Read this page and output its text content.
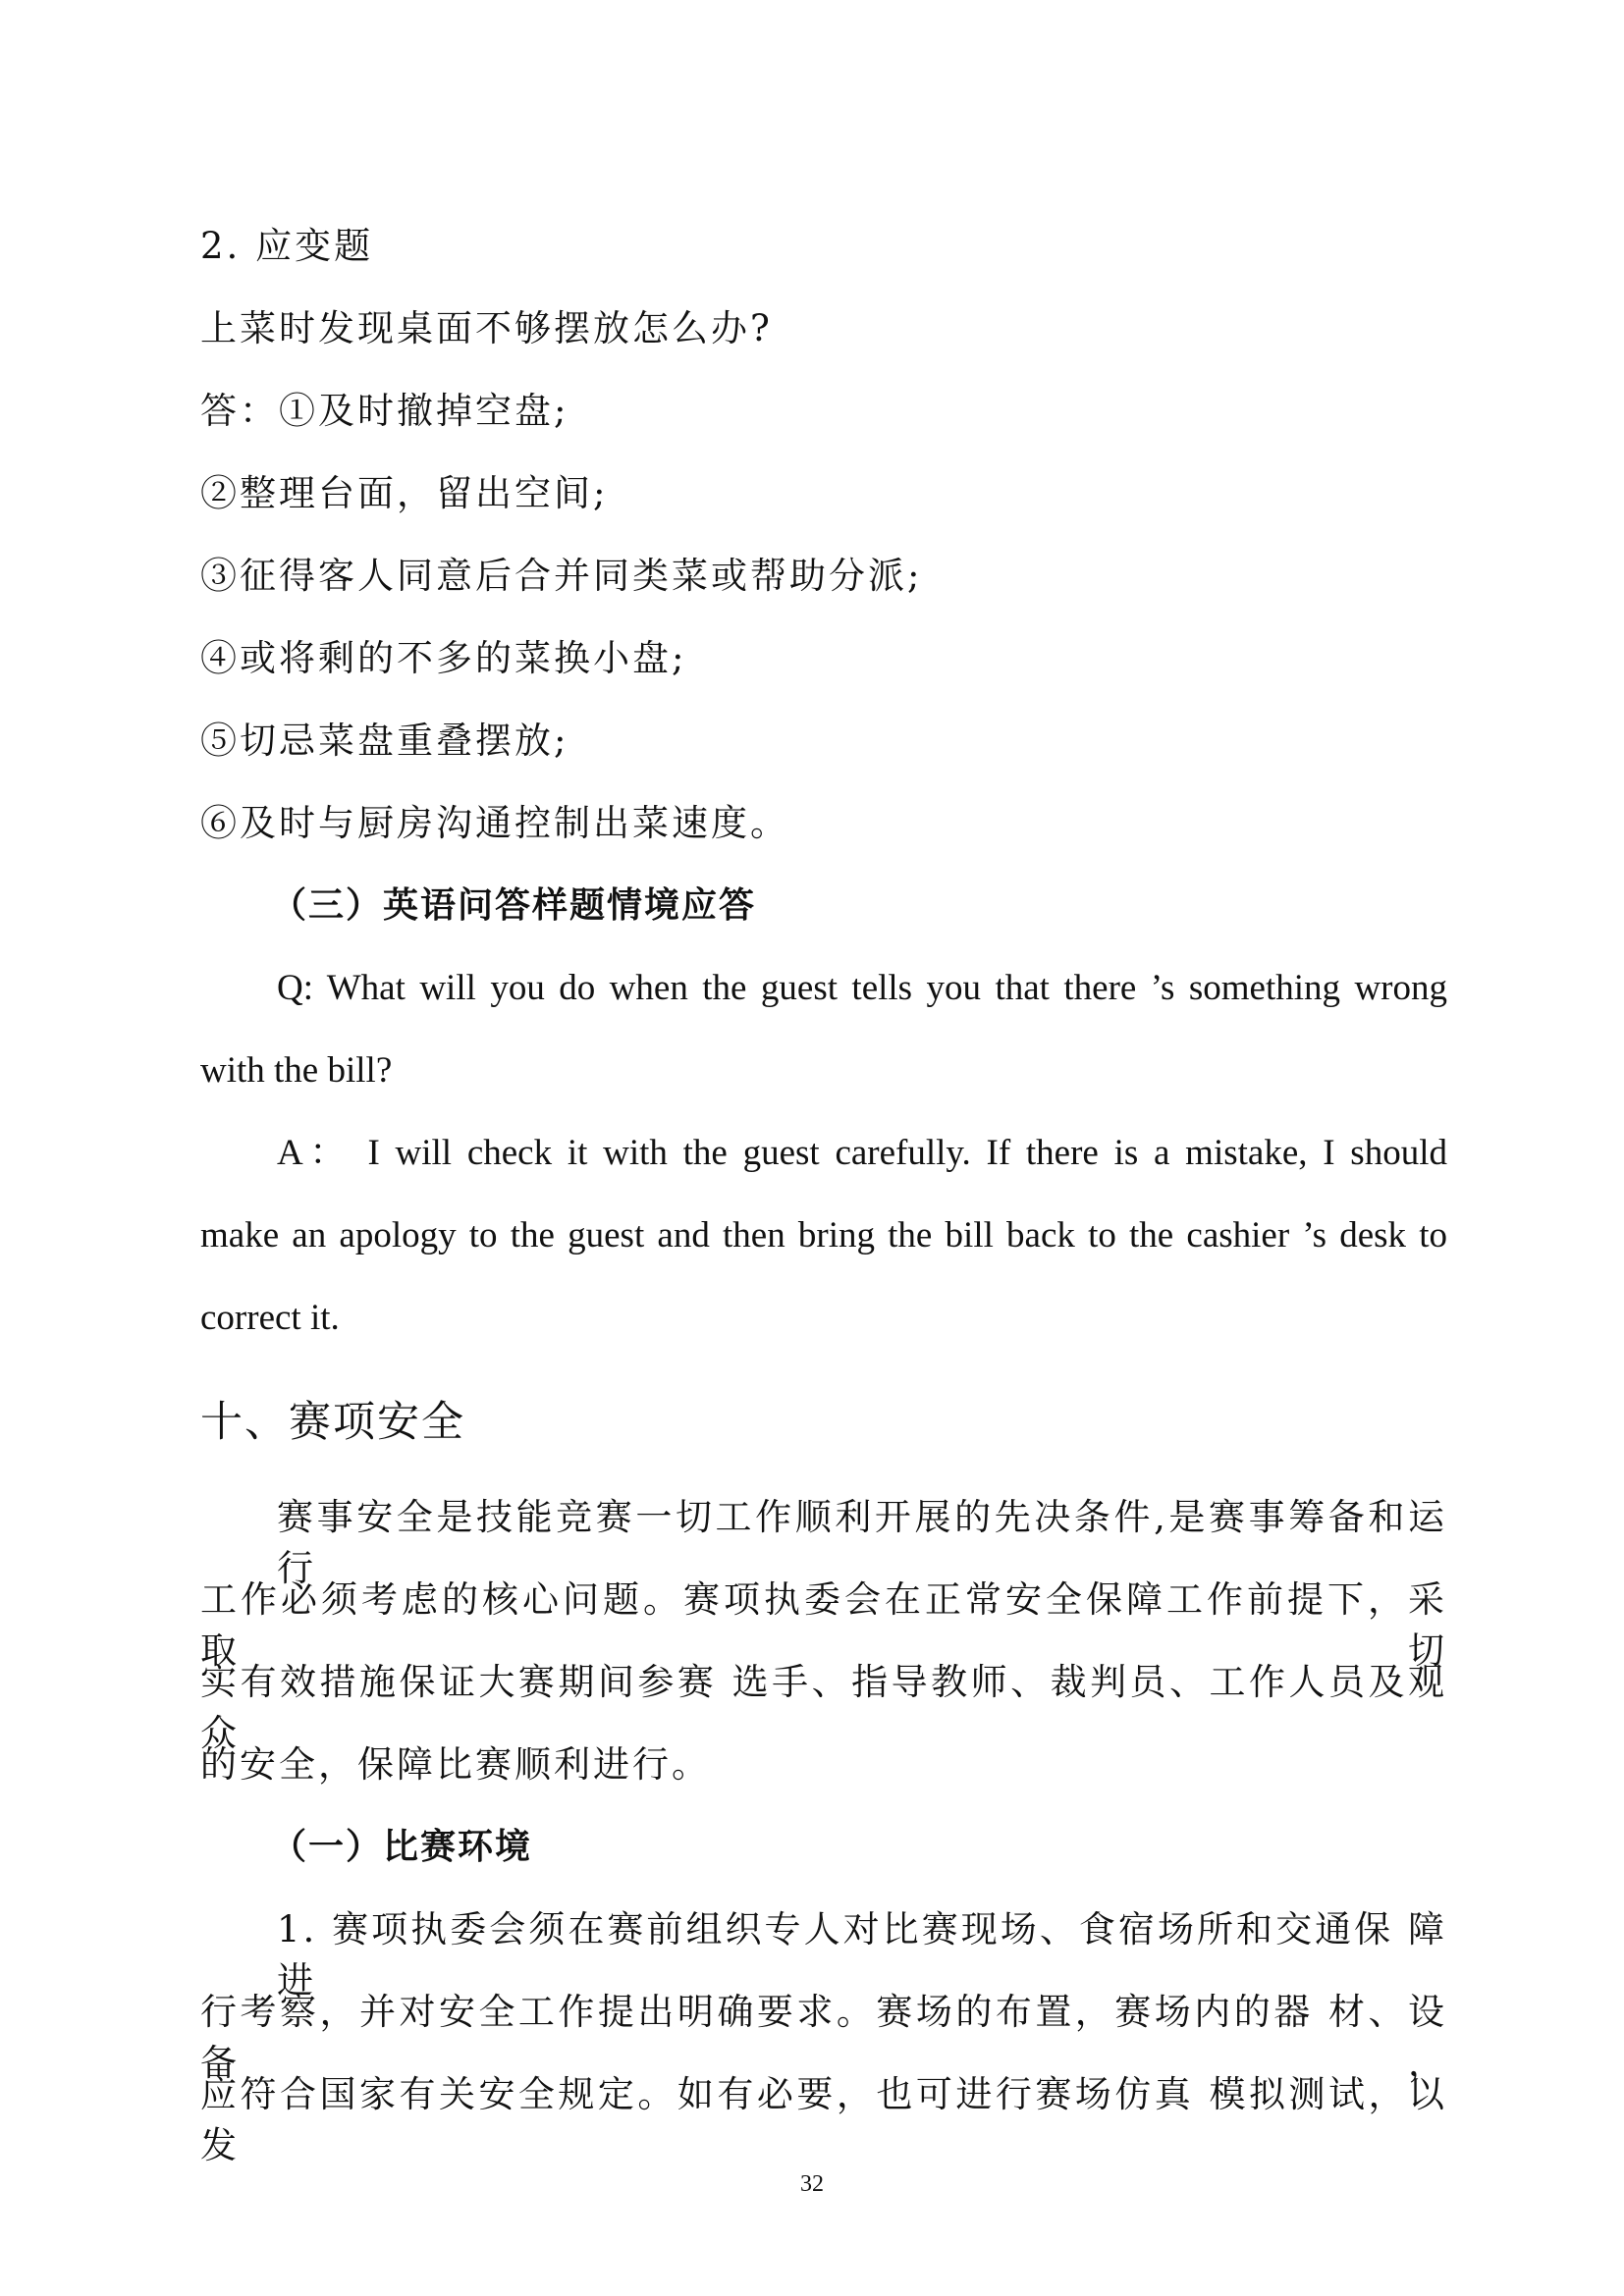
2. 应变题
上菜时发现桌面不够摆放怎么办?
答：①及时撤掉空盘;
②整理台面，留出空间;
③征得客人同意后合并同类菜或帮助分派;
④或将剩的不多的菜换小盘;
⑤切忌菜盘重叠摆放;
⑥及时与厨房沟通控制出菜速度。
（三）英语问答样题情境应答
Q: What will you do when the guest tells you that there ’s something wrong
with the bill?
A： I will check it with the guest carefully. If there is a mistake, I should
make an apology to the guest and then bring the bill back to the cashier ’s desk to
correct it.
十、赛项安全
赛事安全是技能竞赛一切工作顺利开展的先决条件,是赛事筹备和运行
工作必须考虑的核心问题。赛项执委会在正常安全保障工作前提下，采取切
实有效措施保证大赛期间参赛 选手、指导教师、裁判员、工作人员及观众
的安全，保障比赛顺利进行。
（一）比赛环境
1. 赛项执委会须在赛前组织专人对比赛现场、食宿场所和交通保 障进
行考察，并对安全工作提出明确要求。赛场的布置，赛场内的器 材、设备，
应符合国家有关安全规定。如有必要，也可进行赛场仿真 模拟测试，以发
32
